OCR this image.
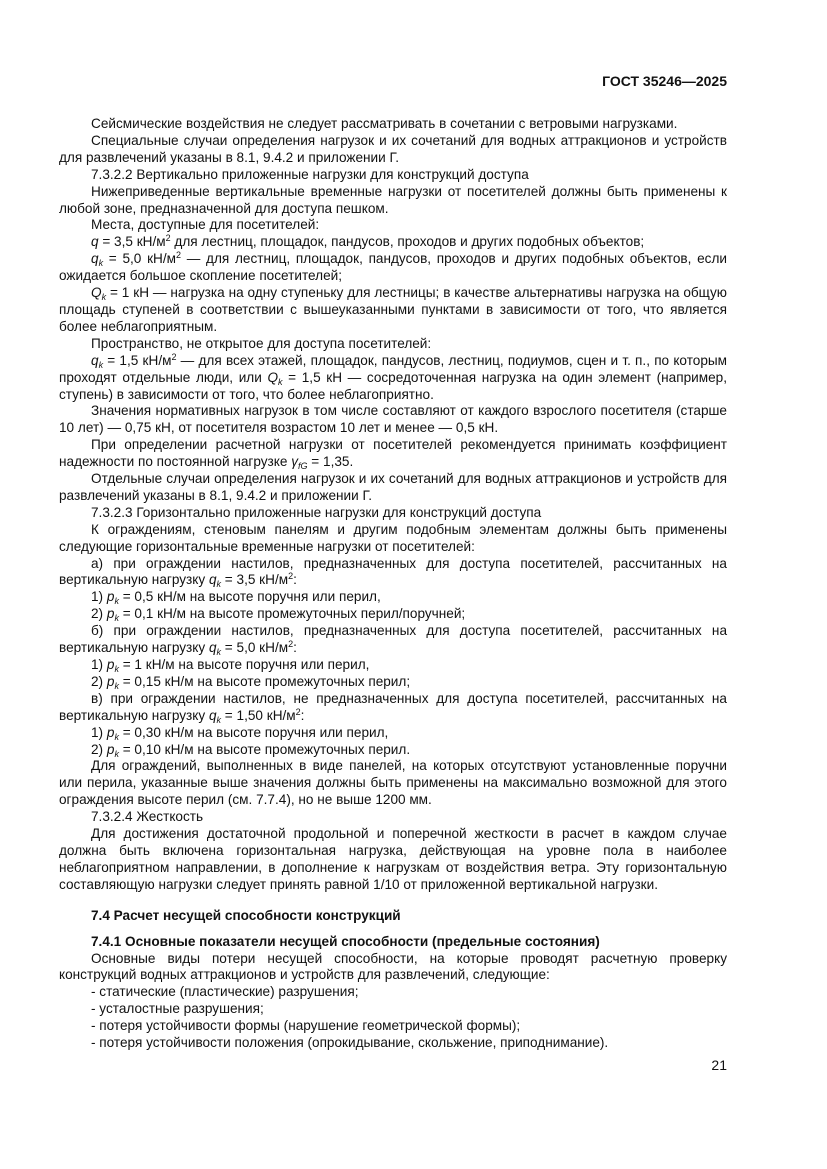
ГОСТ 35246—2025

Сейсмические воздействия не следует рассматривать в сочетании с ветровыми нагрузками.

Специальные случаи определения нагрузок и их сочетаний для водных аттракционов и устройств для развлечений указаны в 8.1, 9.4.2 и приложении Г.

7.3.2.2 Вертикально приложенные нагрузки для конструкций доступа

Нижеприведенные вертикальные временные нагрузки от посетителей должны быть применены к любой зоне, предназначенной для доступа пешком.

Места, доступные для посетителей:

q = 3,5 $кН/м^2$ для лестниц, площадок, пандусов, проходов и других подобных объектов;

$q_k = 5,0$ $кН/м^2$ — для лестниц, площадок, пандусов, проходов и других подобных объектов, если ожидается большое скопление посетителей;

$Q_k = 1$ кН — нагрузка на одну ступеньку для лестницы; в качестве альтернативы нагрузка на общую площадь ступеней в соответствии с вышеуказанными пунктами в зависимости от того, что является более неблагоприятным.

Пространство, не открытое для доступа посетителей:

$q_k = 1,5$ $кН/м^2$ — для всех этажей, площадок, пандусов, лестниц, подиумов, сцен и т. п., по которым проходят отдельные люди, или $Q_k = 1,5$ кН — сосредоточенная нагрузка на один элемент (например, ступень) в зависимости от того, что более неблагоприятно.

Значения нормативных нагрузок в том числе составляют от каждого взрослого посетителя (старше 10 лет) — 0,75 кН, от посетителя возрастом 10 лет и менее — 0,5 кН.

При определении расчетной нагрузки от посетителей рекомендуется принимать коэффициент надежности по постоянной нагрузке $\gamma_{fG} = 1,35$.

Отдельные случаи определения нагрузок и их сочетаний для водных аттракционов и устройств для развлечений указаны в 8.1, 9.4.2 и приложении Г.

7.3.2.3 Горизонтально приложенные нагрузки для конструкций доступа

К ограждениям, стеновым панелям и другим подобным элементам должны быть применены следующие горизонтальные временные нагрузки от посетителей:

а) при ограждении настилов, предназначенных для доступа посетителей, рассчитанных на вертикальную нагрузку $q_k = 3,5$ $кН/м^2$:

1) $p_k = 0,5$ кН/м на высоте поручня или перил,

2) $p_k = 0,1$ кН/м на высоте промежуточных перил/поручней;

б) при ограждении настилов, предназначенных для доступа посетителей, рассчитанных на вертикальную нагрузку $q_k = 5,0$ $кН/м^2$:

1) $p_k = 1$ кН/м на высоте поручня или перил,

2) $p_k = 0,15$ кН/м на высоте промежуточных перил;

в) при ограждении настилов, не предназначенных для доступа посетителей, рассчитанных на вертикальную нагрузку $q_k = 1,50$ $кН/м^2$:

1) $p_k = 0,30$ кН/м на высоте поручня или перил,

2) $p_k = 0,10$ кН/м на высоте промежуточных перил.

Для ограждений, выполненных в виде панелей, на которых отсутствуют установленные поручни или перила, указанные выше значения должны быть применены на максимально возможной для этого ограждения высоте перил (см. 7.7.4), но не выше 1200 мм.

7.3.2.4 Жесткость

Для достижения достаточной продольной и поперечной жесткости в расчет в каждом случае должна быть включена горизонтальная нагрузка, действующая на уровне пола в наиболее неблагоприятном направлении, в дополнение к нагрузкам от воздействия ветра. Эту горизонтальную составляющую нагрузки следует принять равной 1/10 от приложенной вертикальной нагрузки.

7.4 Расчет несущей способности конструкций

7.4.1 Основные показатели несущей способности (предельные состояния)

Основные виды потери несущей способности, на которые проводят расчетную проверку конструкций водных аттракционов и устройств для развлечений, следующие:

- статические (пластические) разрушения;

- усталостные разрушения;

- потеря устойчивости формы (нарушение геометрической формы);

- потеря устойчивости положения (опрокидывание, скольжение, приподнимание).

21
